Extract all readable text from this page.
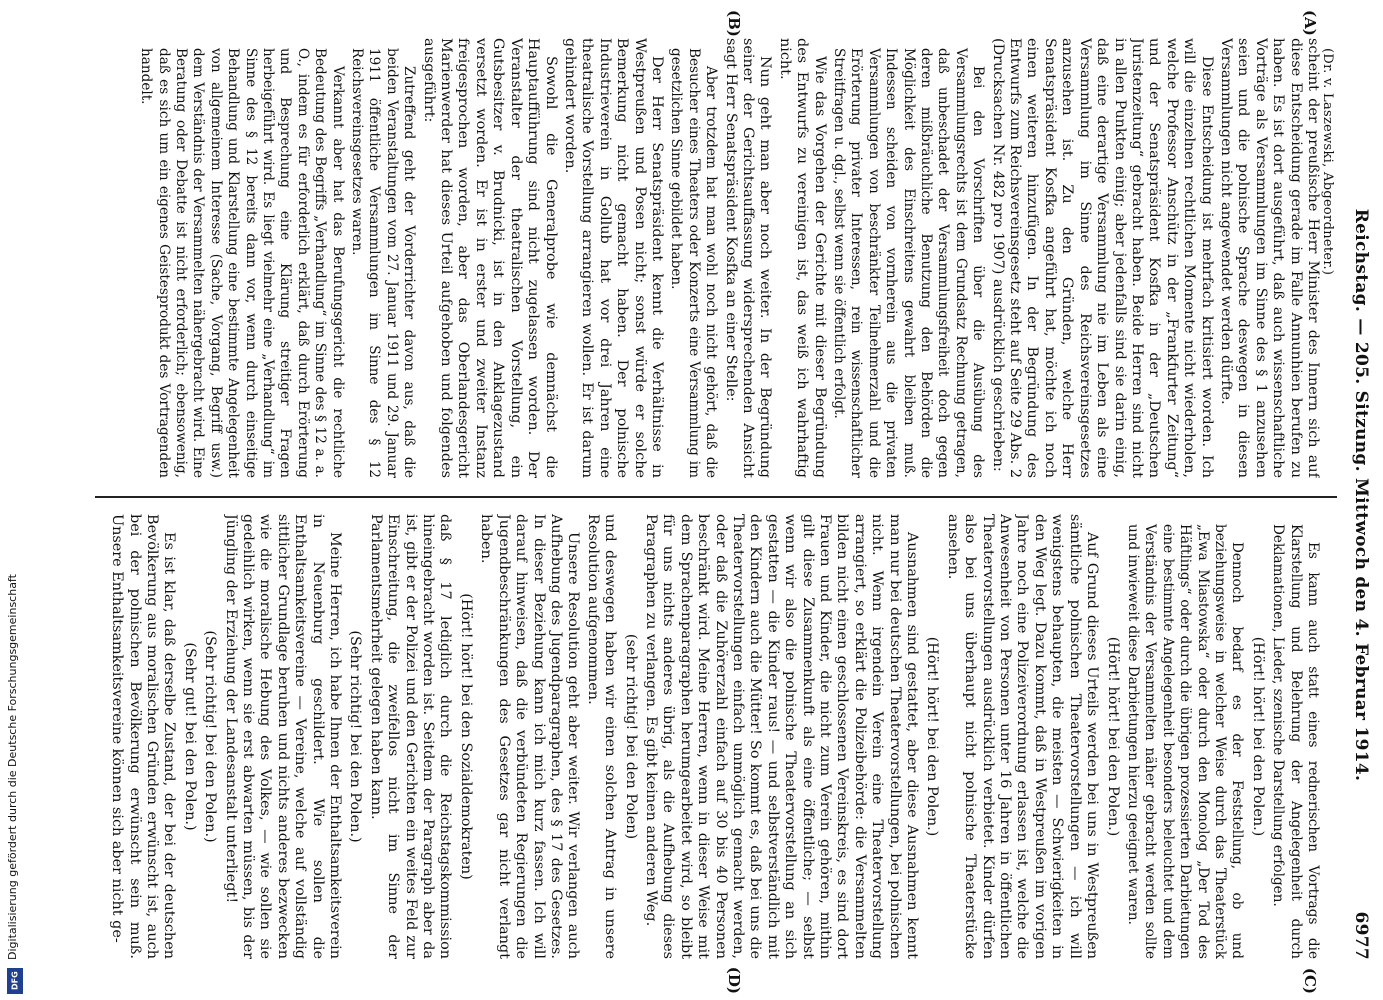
Digitalisierung gefördert durch die Deutsche Forschungsgemeinschaft
DFG
(Dr. v. Laszewski, Abgeordneter.) Reichstag. — 205. Sitzung. Mittwoch den 4. Februar 1914.
6977
(A)
(B)
(C)
(D)

scheint der preußische Herr Minister des Innern sich auf diese Entscheidung gerade im Falle Annunhien berufen zu haben. Es ist dort ausgeführt, daß auch wissenschaftliche Vorträge als Versammlungen im Sinne des § 1 anzusehen seien und die polnische Sprache deswegen in diesen Versammlungen nicht angewendet werden dürfte.

Diese Entscheidung ist mehrfach kritisiert worden. Ich will die einzelnen rechtlichen Momente nicht wiederholen, welche Professor Anschütz in der „Frankfurter Zeitung“ und der Senatspräsident Kosfka in der „Deutschen Juristenzeitung“ gebracht haben. Beide Herren sind nicht in allen Punkten einig; aber jedenfalls sind sie darin einig, daß eine derartige Versammlung nie im Leben als eine Versammlung im Sinne des Reichsvereinsgesetzes anzusehen ist. Zu den Gründen, welche Herr Senatspräsident Kosfka angeführt hat, möchte ich noch einen weiteren hinzufügen. In der Begründung des Entwurfs zum Reichsvereinsgesetz steht auf Seite 29 Abs. 2 (Drucksachen Nr. 482 pro 1907) ausdrücklich geschrieben:

Bei den Vorschriften über die Ausübung des Versammlungsrechts ist dem Grundsatz Rechnung getragen, daß unbeschadet der Versammlungsfreiheit doch gegen deren mißbräuchliche Benutzung den Behörden die Möglichkeit des Einschreitens gewahrt bleiben muß. Indessen scheiden von vornherein aus die privaten Versammlungen von beschränkter Teilnehmerzahl und die Erörterung privater Interessen, rein wissenschaftlicher Streitfragen u. dgl., selbst wenn sie öffentlich erfolgt.

Wie das Vorgehen der Gerichte mit dieser Begründung des Entwurfs zu vereinigen ist, das weiß ich wahrhaftig nicht.

Nun geht man aber noch weiter. In der Begründung seiner der Gerichtsauffassung widersprechenden Ansicht sagt Herr Senatspräsident Kosfka an einer Stelle:

Aber trotzdem hat man wohl noch nicht gehört, daß die Besucher eines Theaters oder Konzerts eine Versammlung im gesetzlichen Sinne gebildet haben.

Der Herr Senatspräsident kennt die Verhältnisse in Westpreußen und Posen nicht; sonst würde er solche Bemerkung nicht gemacht haben. Der polnische Industrieverein in Gollub hat vor drei Jahren eine theatralische Vorstellung arrangieren wollen. Er ist darum gehindert worden.

Sowohl die Generalprobe wie demnächst die Hauptaufführung sind nicht zugelassen worden. Der Veranstalter der theatralischen Vorstellung, ein Gutsbesitzer v. Brudnicki, ist in den Anklagezustand versetzt worden. Er ist in erster und zweiter Instanz freigesprochen worden, aber das Oberlandesgericht Marienwerder hat dieses Urteil aufgehoben und folgendes ausgeführt:

Zutreffend geht der Vorderrichter davon aus, daß die beiden Veranstaltungen vom 27. Januar 1911 und 29. Januar 1911 öffentliche Versammlungen im Sinne des § 12 Reichsvereinsgesetzes waren.

Verkannt aber hat das Berufungsgericht die rechtliche Bedeutung des Begriffs „Verhandlung“ im Sinne des § 12 a. a. O., indem es für erforderlich erklärt, daß durch Erörterung und Besprechung eine Klärung streitiger Fragen herbeigeführt wird. Es liegt vielmehr eine „Verhandlung“ im Sinne des § 12 bereits dann vor, wenn durch einseitige Behandlung und Klarstellung eine bestimmte Angelegenheit von allgemeinem Interesse (Sache, Vorgang, Begriff usw.) dem Verständnis der Versammelten nähergebracht wird. Eine Beratung oder Debatte ist nicht erforderlich; ebensowenig, daß es sich um ein eigenes Geistesprodukt des Vortragenden handelt.

Es kann auch statt eines rednerischen Vortrags die Klarstellung und Belehrung der Angelegenheit durch Deklamationen, Lieder, szenische Darstellung erfolgen.

(Hört! hört! bei den Polen.)

Dennoch bedarf es der Feststellung, ob und beziehungsweise in welcher Weise durch das Theaterstück „Ewa Miastowska“ oder durch den Monolog „Der Tod des Häftlings“ oder durch die übrigen prozessierten Darbietungen eine bestimmte Angelegenheit besonders beleuchtet und dem Verständnis der Versammelten näher gebracht werden sollte und inwieweit diese Darbietungen hierzu geeignet waren.

(Hört! hört! bei den Polen.)

Auf Grund dieses Urteils werden bei uns in Westpreußen sämtliche polnischen Theatervorstellungen — ich will wenigstens behaupten, die meisten — Schwierigkeiten in den Weg legt. Dazu kommt, daß in Westpreußen im vorigen Jahre noch eine Polizeiverordnung erlassen ist, welche die Anwesenheit von Personen unter 16 Jahren in öffentlichen Theatervorstellungen ausdrücklich verbietet. Kinder dürfen also bei uns überhaupt nicht polnische Theaterstücke ansehen.

(Hört! hört! bei den Polen.)

Ausnahmen sind gestattet, aber diese Ausnahmen kennt man nur bei deutschen Theatervorstellungen, bei polnischen nicht. Wenn irgendein Verein eine Theatervorstellung arrangiert, so erklärt die Polizeibehörde: die Versammelten bilden nicht einen geschlossenen Vereinskreis, es sind dort Frauen und Kinder, die nicht zum Verein gehören, mithin gilt diese Zusammenkunft als eine öffentliche; — selbst wenn wir also die polnische Theatervorstellung an sich gestatten — die Kinder raus! — und selbstverständlich mit den Kindern auch die Mütter! So kommt es, daß bei uns die Theatervorstellungen einfach unmöglich gemacht werden, oder daß die Zuhörerzahl einfach auf 30 bis 40 Personen beschränkt wird. Meine Herren, wenn in dieser Weise mit dem Sprachenparagraphen herumgearbeitet wird, so bleibt für uns nichts anderes übrig, als die Aufhebung dieses Paragraphen zu verlangen. Es gibt keinen anderen Weg.

(sehr richtig! bei den Polen)

und deswegen haben wir einen solchen Antrag in unsere Resolution aufgenommen.

Unsere Resolution geht aber weiter. Wir verlangen auch Aufhebung des Jugendparagraphen, des § 17 des Gesetzes. In dieser Beziehung kann ich mich kurz fassen. Ich will darauf hinweisen, daß die verbündeten Regierungen die Jugendbeschränkungen des Gesetzes gar nicht verlangt haben.

(Hört! hört! bei den Sozialdemokraten)

daß § 17 lediglich durch die Reichstagskommission hineingebracht worden ist. Seitdem der Paragraph aber da ist, gibt er der Polizei und den Gerichten ein weites Feld zur Einschreitung, die zweifellos nicht im Sinne der Parlamentsmehrheit gelegen haben kann.

(Sehr richtig! bei den Polen.)

Meine Herren, ich habe Ihnen der Enthaltsamkeitsverein in Neuenburg geschildert. Wie sollen die Enthaltsamkeitsvereine — Vereine, welche auf vollständig sittlicher Grundlage beruhen und nichts anderes bezwecken wie die moralische Hebung des Volkes, — wie sollen sie gedeihlich wirken, wenn sie erst abwarten müssen, bis der Jüngling der Erziehung der Landesanstalt unterliegt!

(Sehr richtig! bei den Polen.)
(Sehr gut! bei den Polen.)

Es ist klar, daß derselbe Zustand, der bei der deutschen Bevölkerung aus moralischen Gründen erwünscht ist, auch bei der polnischen Bevölkerung erwünscht sein muß. Unsere Enthaltsamkeitsvereine können sich aber nicht ge-
